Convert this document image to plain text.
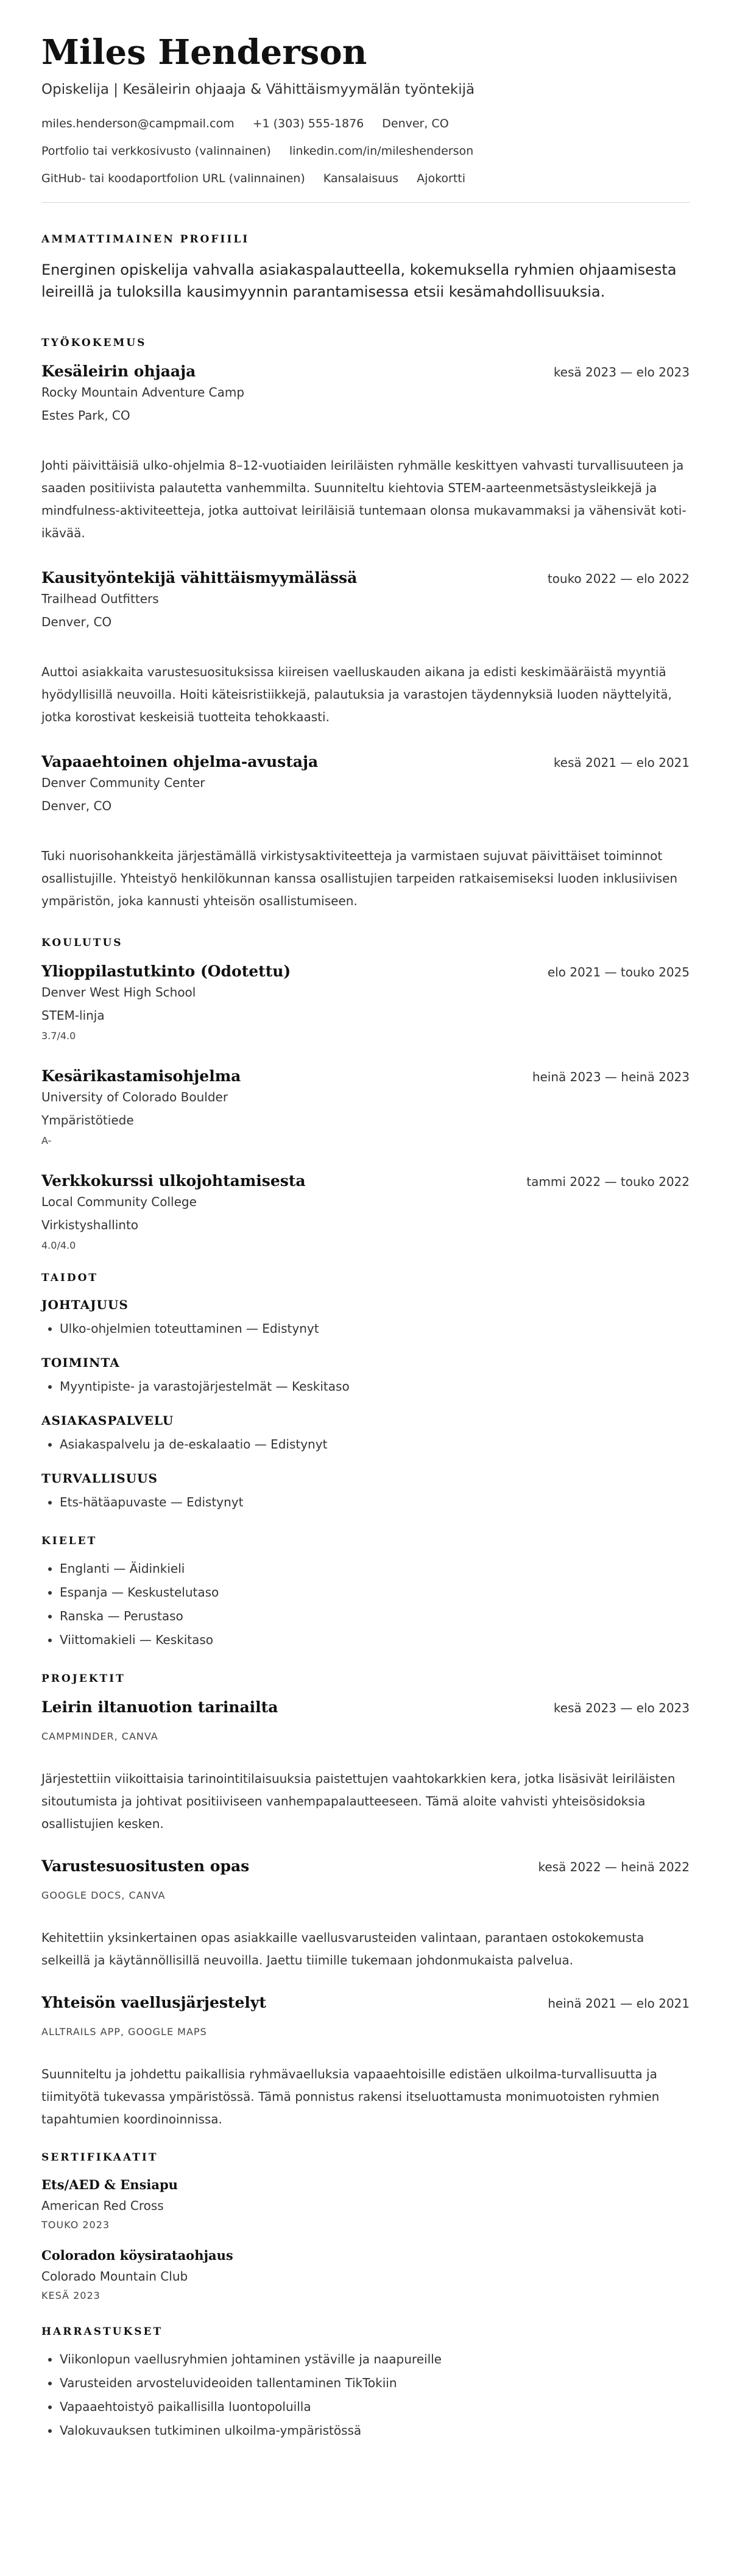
Miles Henderson
Opiskelija | Kesäleirin ohjaaja & Vähittäismyymälän työntekijä
miles.henderson@campmail.com +1 (303) 555-1876 Denver, CO
Portfolio tai verkkosivusto (valinnainen) linkedin.com/in/mileshenderson
GitHub- tai koodaportfolion URL (valinnainen) Kansalaisuus Ajokortti
AMMATTIMAINEN PROFIILI

Energinen opiskelija vahvalla asiakaspalautteella, kokemuksella ryhmien ohjaamisesta leireillä ja tuloksilla kausimyynnin parantamisessa etsii kesämahdollisuuksia.

TYÖKOKEMUS
Kesäleirin ohjaaja	kesä 2023 — elo 2023
Rocky Mountain Adventure Camp
Estes Park, CO

Johti päivittäisiä ulko-ohjelmia 8–12-vuotiaiden leiriläisten ryhmälle keskittyen vahvasti turvallisuuteen ja saaden positiivista palautetta vanhemmilta. Suunniteltu kiehtovia STEM-aarteenmetsästysleikkejä ja mindfulness-aktiviteetteja, jotka auttoivat leiriläisiä tuntemaan olonsa mukavammaksi ja vähensivät koti-ikävää.

Kausityöntekijä vähittäismyymälässä	touko 2022 — elo 2022
Trailhead Outfitters
Denver, CO

Auttoi asiakkaita varustesuosituksissa kiireisen vaelluskauden aikana ja edisti keskimääräistä myyntiä hyödyllisillä neuvoilla. Hoiti käteisristiikkejä, palautuksia ja varastojen täydennyksiä luoden näyttelyitä, jotka korostivat keskeisiä tuotteita tehokkaasti.

Vapaaehtoinen ohjelma-avustaja	kesä 2021 — elo 2021
Denver Community Center
Denver, CO

Tuki nuorisohankkeita järjestämällä virkistysaktiviteetteja ja varmistaen sujuvat päivittäiset toiminnot osallistujille. Yhteistyö henkilökunnan kanssa osallistujien tarpeiden ratkaisemiseksi luoden inklusiivisen ympäristön, joka kannusti yhteisön osallistumiseen.

KOULUTUS
Ylioppilastutkinto (Odotettu)	elo 2021 — touko 2025
Denver West High School
STEM-linja
3.7/4.0
Kesärikastamisohjelma	heinä 2023 — heinä 2023
University of Colorado Boulder
Ympäristötiede
A-
Verkkokurssi ulkojohtamisesta	tammi 2022 — touko 2022
Local Community College
Virkistyshallinto
4.0/4.0
TAIDOT
JOHTAJUUS
• Ulko-ohjelmien toteuttaminen — Edistynyt
TOIMINTA
• Myyntipiste- ja varastojärjestelmät — Keskitaso
ASIAKASPALVELU
• Asiakaspalvelu ja de-eskalaatio — Edistynyt
TURVALLISUUS
• Ets-hätäapuvaste — Edistynyt
KIELET
• Englanti — Äidinkieli
• Espanja — Keskustelutaso
• Ranska — Perustaso
• Viittomakieli — Keskitaso
PROJEKTIT
Leirin iltanuotion tarinailta	kesä 2023 — elo 2023
CAMPMINDER, CANVA

Järjestettiin viikoittaisia tarinointitilaisuuksia paistettujen vaahtokarkkien kera, jotka lisäsivät leiriläisten sitoutumista ja johtivat positiiviseen vanhempapalautteeseen. Tämä aloite vahvisti yhteisösidoksia osallistujien kesken.

Varustesuositusten opas	kesä 2022 — heinä 2022
GOOGLE DOCS, CANVA

Kehitettiin yksinkertainen opas asiakkaille vaellusvarusteiden valintaan, parantaen ostokokemusta selkeillä ja käytännöllisillä neuvoilla. Jaettu tiimille tukemaan johdonmukaista palvelua.

Yhteisön vaellusjärjestelyt	heinä 2021 — elo 2021
ALLTRAILS APP, GOOGLE MAPS

Suunniteltu ja johdettu paikallisia ryhmävaelluksia vapaaehtoisille edistäen ulkoilma-turvallisuutta ja tiimityötä tukevassa ympäristössä. Tämä ponnistus rakensi itseluottamusta monimuotoisten ryhmien tapahtumien koordinoinnissa.

SERTIFIKAATIT
Ets/AED & Ensiapu
American Red Cross
TOUKO 2023
Coloradon köysirataohjaus
Colorado Mountain Club
KESÄ 2023
HARRASTUKSET
• Viikonlopun vaellusryhmien johtaminen ystäville ja naapureille
• Varusteiden arvosteluvideoiden tallentaminen TikTokiin
• Vapaaehtoistyö paikallisilla luontopoluilla
• Valokuvauksen tutkiminen ulkoilma-ympäristössä
